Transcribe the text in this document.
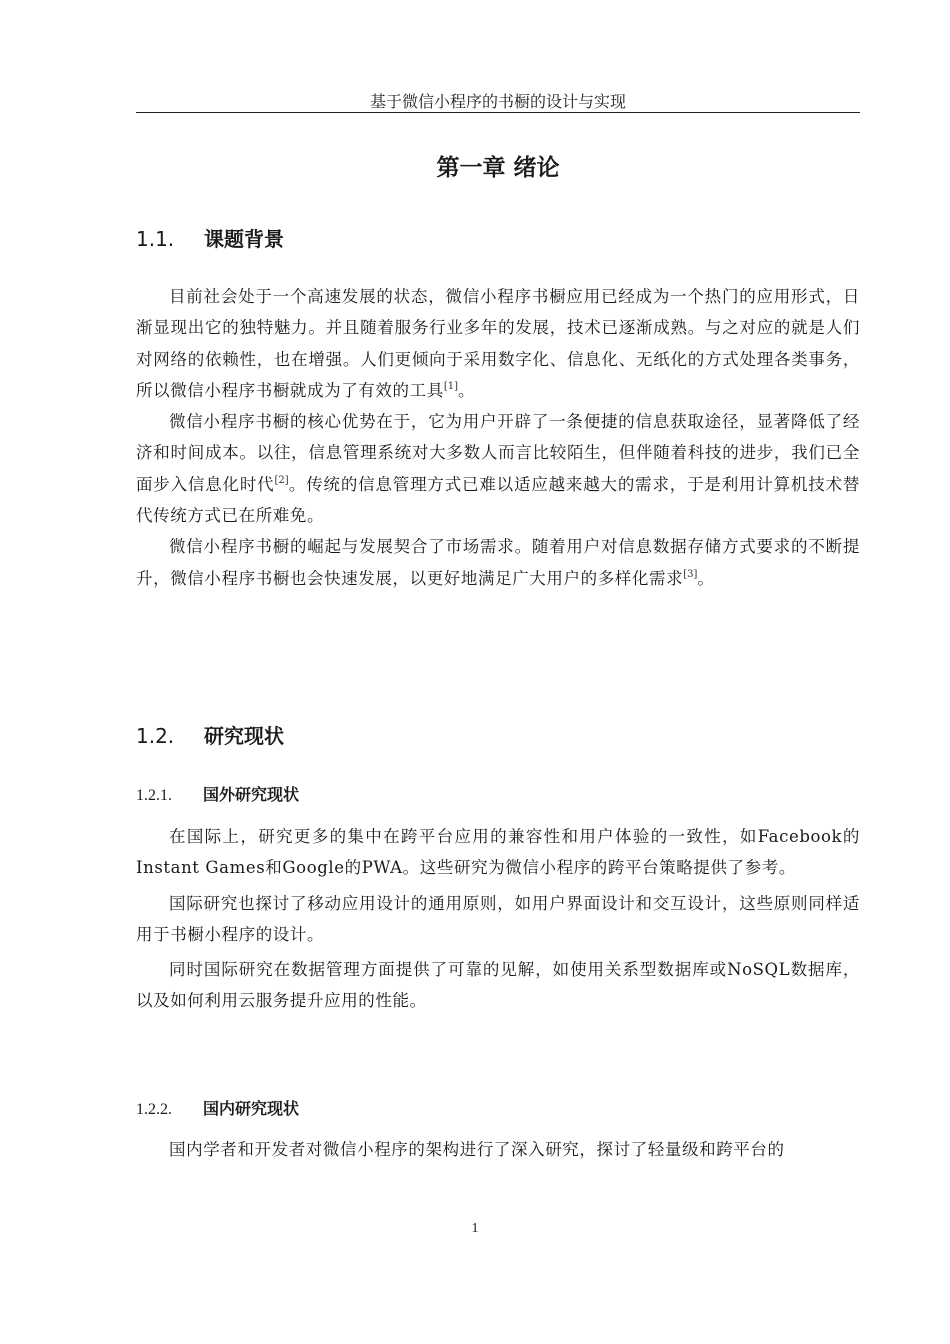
基于微信小程序的书橱的设计与实现
第一章 绪论
1.1. 课题背景

目前社会处于一个高速发展的状态，微信小程序书橱应用已经成为一个热门的应用形式，日渐显现出它的独特魅力。并且随着服务行业多年的发展，技术已逐渐成熟。与之对应的就是人们对网络的依赖性，也在增强。人们更倾向于采用数字化、信息化、无纸化的方式处理各类事务，所以微信小程序书橱就成为了有效的工具[1]。

微信小程序书橱的核心优势在于，它为用户开辟了一条便捷的信息获取途径，显著降低了经济和时间成本。以往，信息管理系统对大多数人而言比较陌生，但伴随着科技的进步，我们已全面步入信息化时代[2]。传统的信息管理方式已难以适应越来越大的需求，于是利用计算机技术替代传统方式已在所难免。

微信小程序书橱的崛起与发展契合了市场需求。随着用户对信息数据存储方式要求的不断提升，微信小程序书橱也会快速发展，以更好地满足广大用户的多样化需求[3]。

1.2. 研究现状
1.2.1. 国外研究现状

在国际上，研究更多的集中在跨平台应用的兼容性和用户体验的一致性，如Facebook的Instant Games和Google的PWA。这些研究为微信小程序的跨平台策略提供了参考。

国际研究也探讨了移动应用设计的通用原则，如用户界面设计和交互设计，这些原则同样适用于书橱小程序的设计。

同时国际研究在数据管理方面提供了可靠的见解，如使用关系型数据库或NoSQL数据库，以及如何利用云服务提升应用的性能。

1.2.2. 国内研究现状

国内学者和开发者对微信小程序的架构进行了深入研究，探讨了轻量级和跨平台的

1
